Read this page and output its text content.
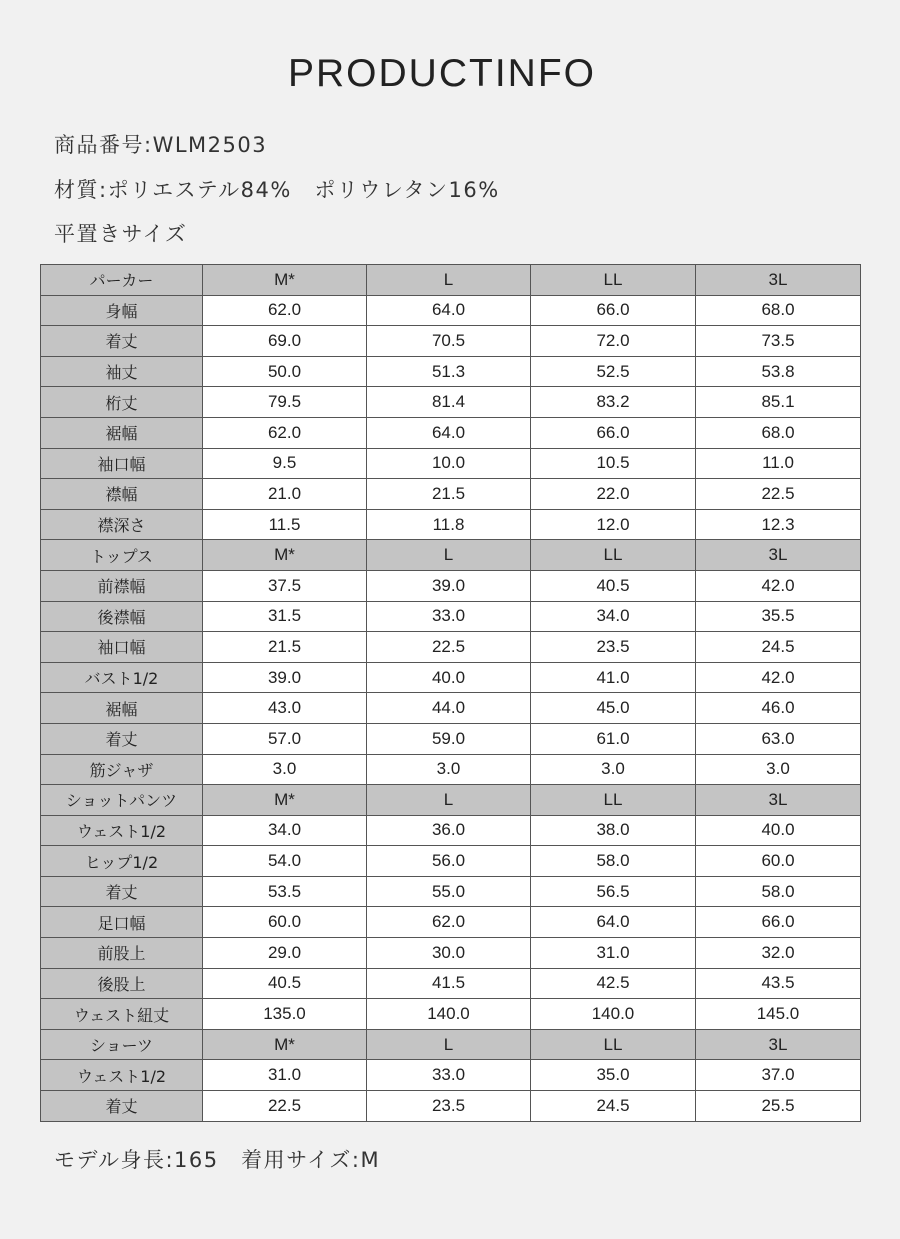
PRODUCTINFO
商品番号:WLM2503
材質:ポリエステル84%　ポリウレタン16%
平置きサイズ
パーカー	M*	L	LL	3L
身幅	62.0	64.0	66.0	68.0
着丈	69.0	70.5	72.0	73.5
袖丈	50.0	51.3	52.5	53.8
桁丈	79.5	81.4	83.2	85.1
裾幅	62.0	64.0	66.0	68.0
袖口幅	9.5	10.0	10.5	11.0
襟幅	21.0	21.5	22.0	22.5
襟深さ	11.5	11.8	12.0	12.3
トップス	M*	L	LL	3L
前襟幅	37.5	39.0	40.5	42.0
後襟幅	31.5	33.0	34.0	35.5
袖口幅	21.5	22.5	23.5	24.5
バスト1/2	39.0	40.0	41.0	42.0
裾幅	43.0	44.0	45.0	46.0
着丈	57.0	59.0	61.0	63.0
筋ジャザ	3.0	3.0	3.0	3.0
ショットパンツ	M*	L	LL	3L
ウェスト1/2	34.0	36.0	38.0	40.0
ヒップ1/2	54.0	56.0	58.0	60.0
着丈	53.5	55.0	56.5	58.0
足口幅	60.0	62.0	64.0	66.0
前股上	29.0	30.0	31.0	32.0
後股上	40.5	41.5	42.5	43.5
ウェスト紐丈	135.0	140.0	140.0	145.0
ショーツ	M*	L	LL	3L
ウェスト1/2	31.0	33.0	35.0	37.0
着丈	22.5	23.5	24.5	25.5
モデル身長:165　着用サイズ:M
